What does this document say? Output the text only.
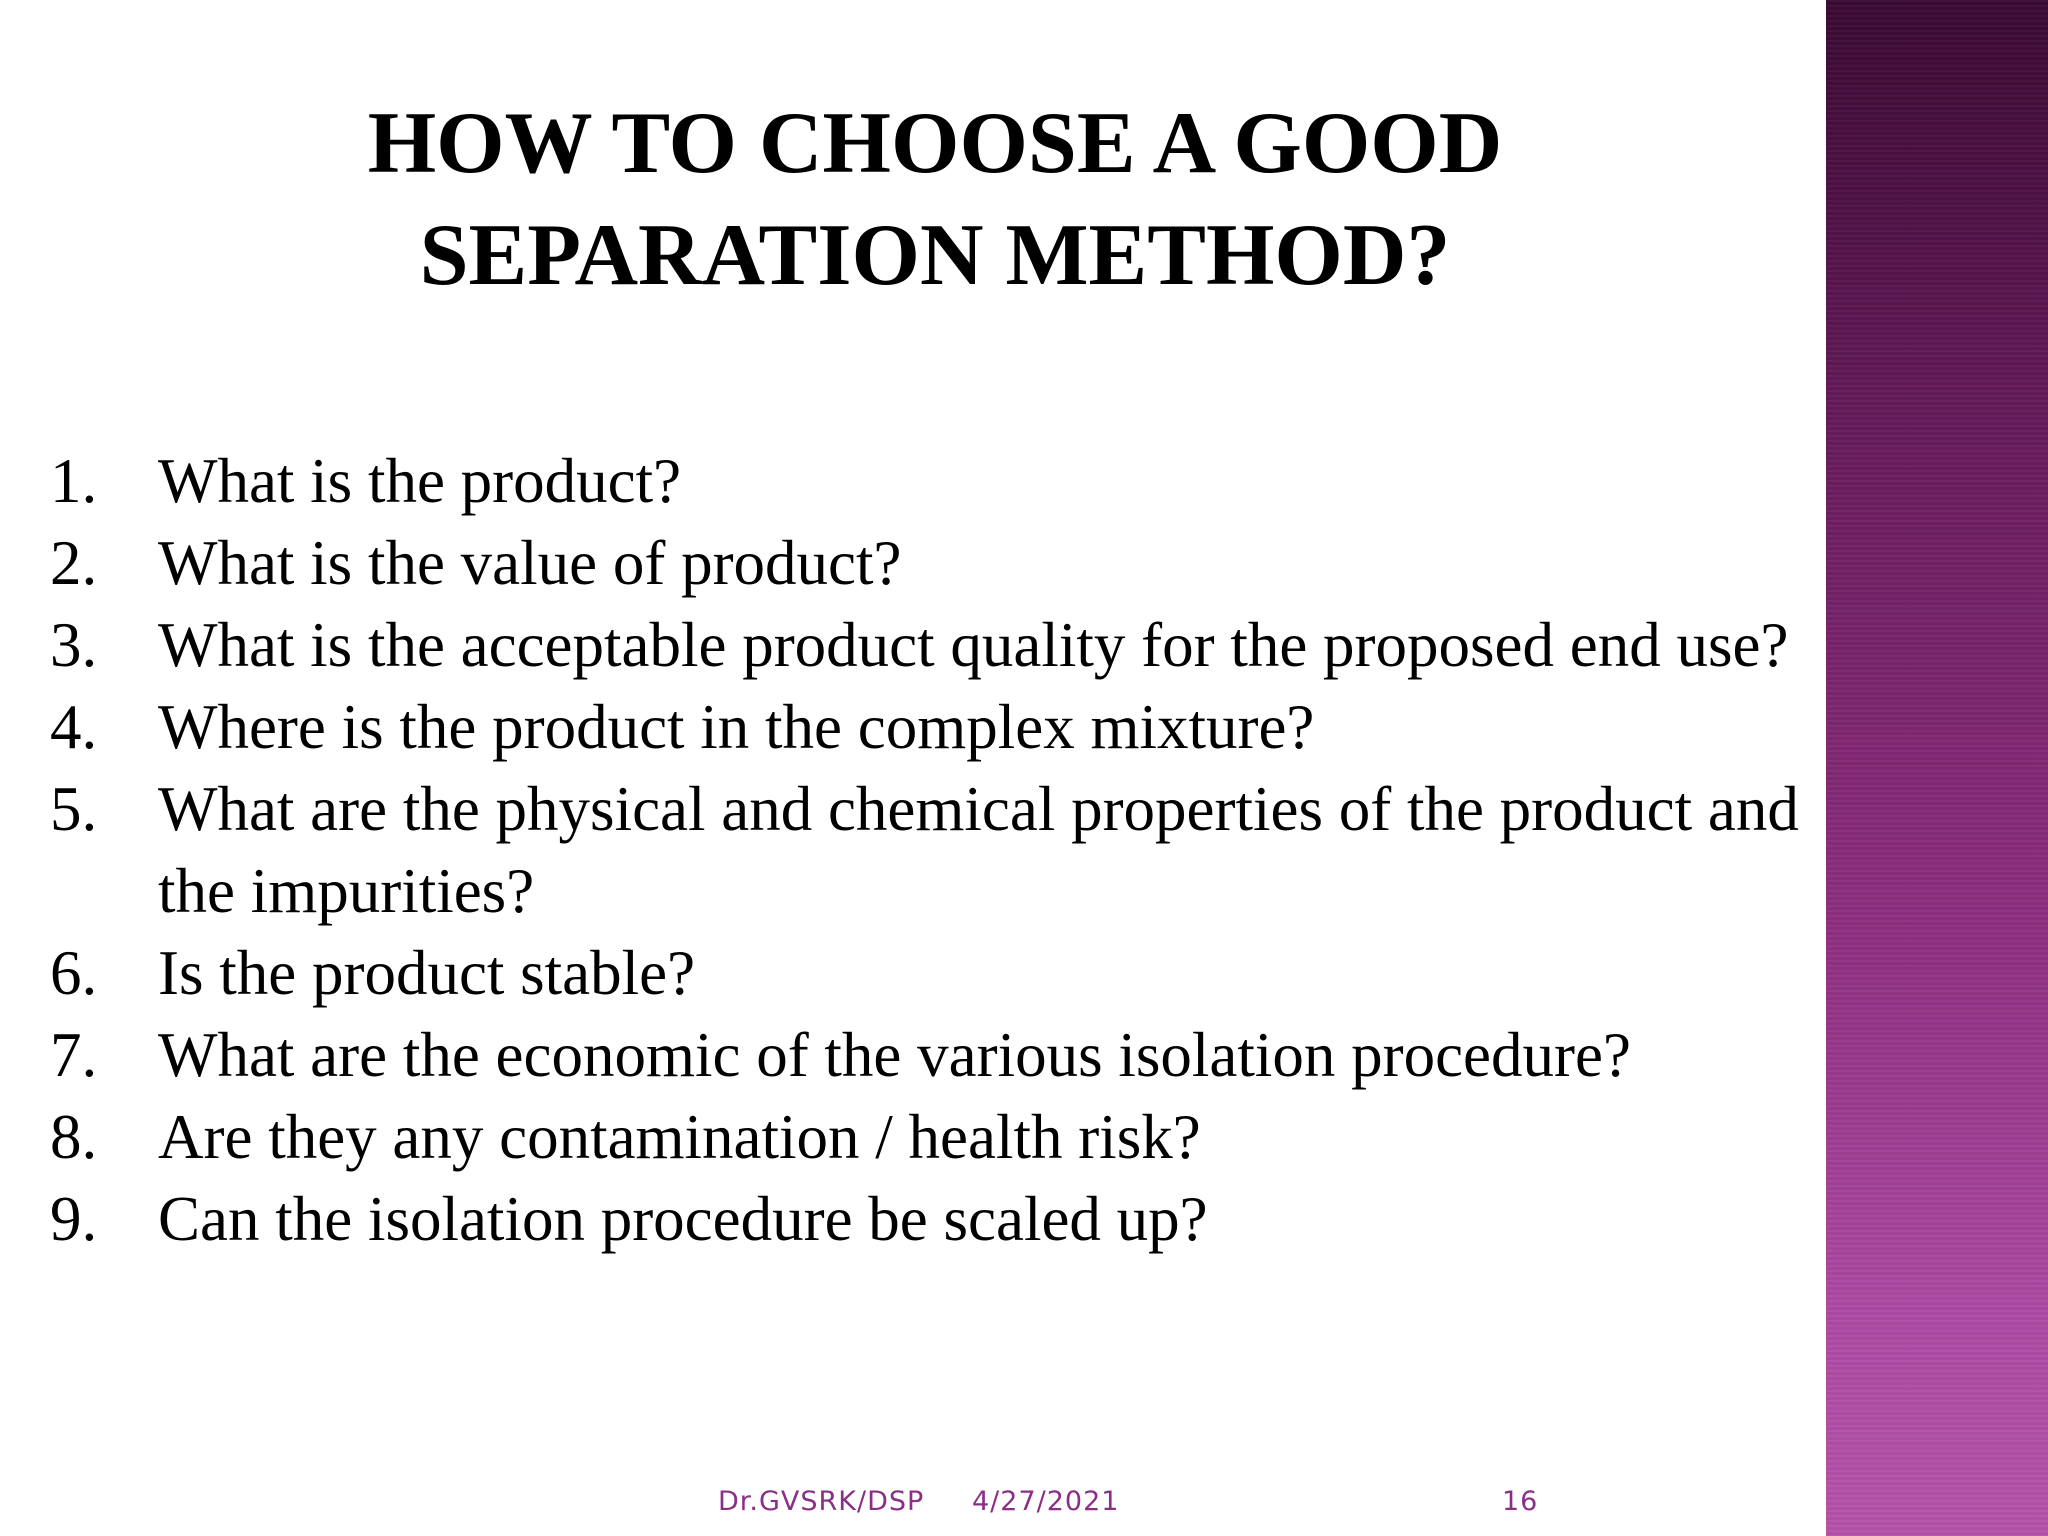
HOW TO CHOOSE A GOOD
SEPARATION METHOD?
1. What is the product?
2. What is the value of product?
3. What is the acceptable product quality for the proposed end use?
4. Where is the product in the complex mixture?
5. What are the physical and chemical properties of the product and the impurities?
6. Is the product stable?
7. What are the economic of the various isolation procedure?
8. Are they any contamination / health risk?
9. Can the isolation procedure be scaled up?
Dr.GVSRK/DSP 4/27/2021	16
